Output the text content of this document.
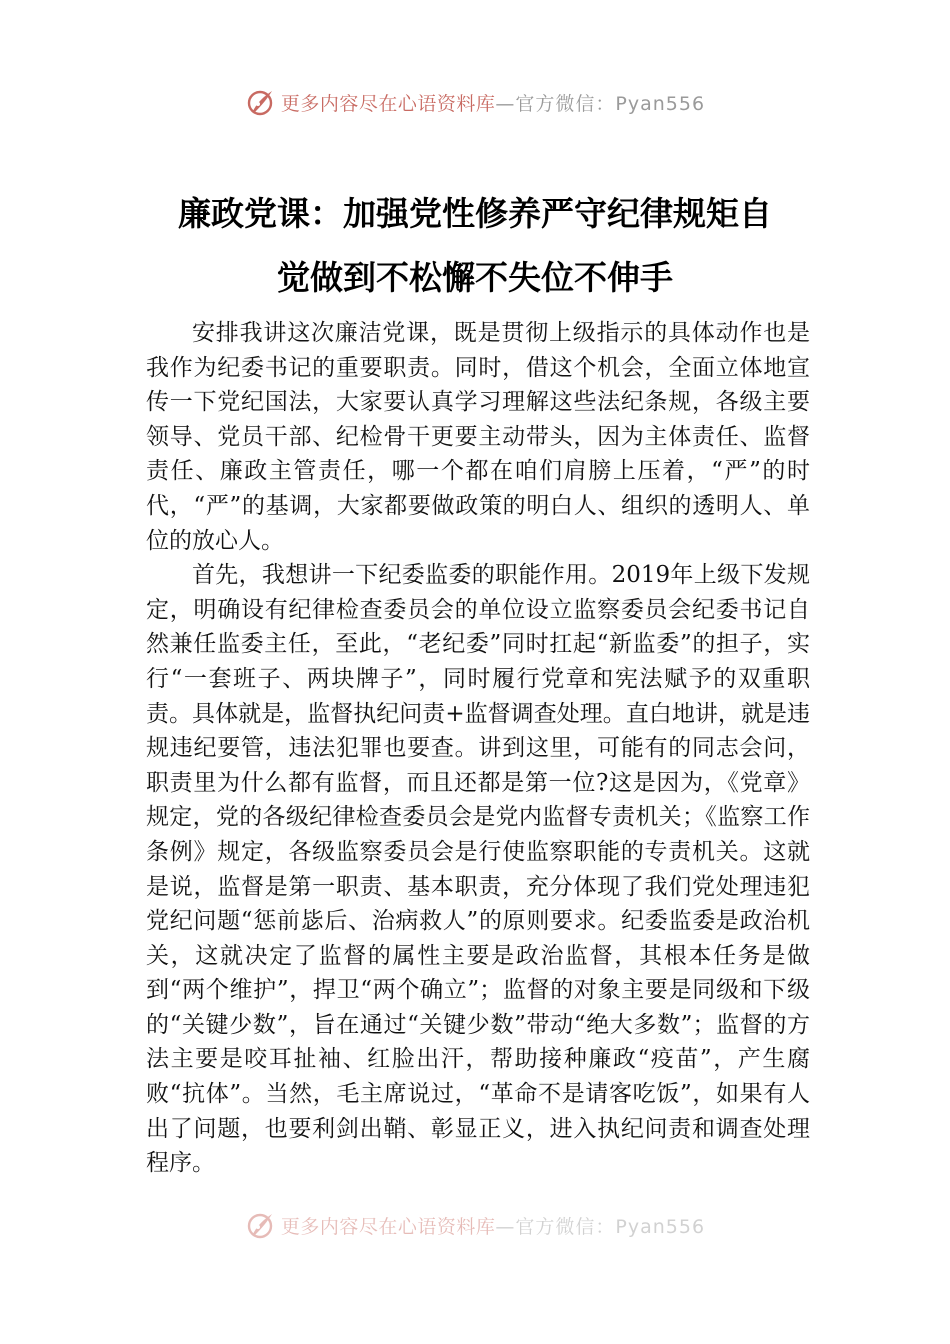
更多内容尽在心语资料库 —官方微信：Pyan556
廉政党课：加强党性修养严守纪律规矩自
觉做到不松懈不失位不伸手

安排我讲这次廉洁党课，既是贯彻上级指示的具体动作也是我作为纪委书记的重要职责。同时，借这个机会，全面立体地宣传一下党纪国法，大家要认真学习理解这些法纪条规，各级主要领导、党员干部、纪检骨干更要主动带头，因为主体责任、监督责任、廉政主管责任，哪一个都在咱们肩膀上压着，“严”的时代，“严”的基调，大家都要做政策的明白人、组织的透明人、单位的放心人。

首先，我想讲一下纪委监委的职能作用。2019年上级下发规定，明确设有纪律检查委员会的单位设立监察委员会纪委书记自然兼任监委主任，至此，“老纪委”同时扛起“新监委”的担子，实行“一套班子、两块牌子”，同时履行党章和宪法赋予的双重职责。具体就是，监督执纪问责+监督调查处理。直白地讲，就是违规违纪要管，违法犯罪也要查。讲到这里，可能有的同志会问，职责里为什么都有监督，而且还都是第一位?这是因为，《党章》规定，党的各级纪律检查委员会是党内监督专责机关；《监察工作条例》规定，各级监察委员会是行使监察职能的专责机关。这就是说，监督是第一职责、基本职责，充分体现了我们党处理违犯党纪问题“惩前毖后、治病救人”的原则要求。纪委监委是政治机关，这就决定了监督的属性主要是政治监督，其根本任务是做到“两个维护”，捍卫“两个确立”；监督的对象主要是同级和下级的“关键少数”，旨在通过“关键少数”带动“绝大多数”；监督的方法主要是咬耳扯袖、红脸出汗，帮助接种廉政“疫苗”，产生腐败“抗体”。当然，毛主席说过，“革命不是请客吃饭”，如果有人出了问题，也要利剑出鞘、彰显正义，进入执纪问责和调查处理程序。

更多内容尽在心语资料库 —官方微信：Pyan556
